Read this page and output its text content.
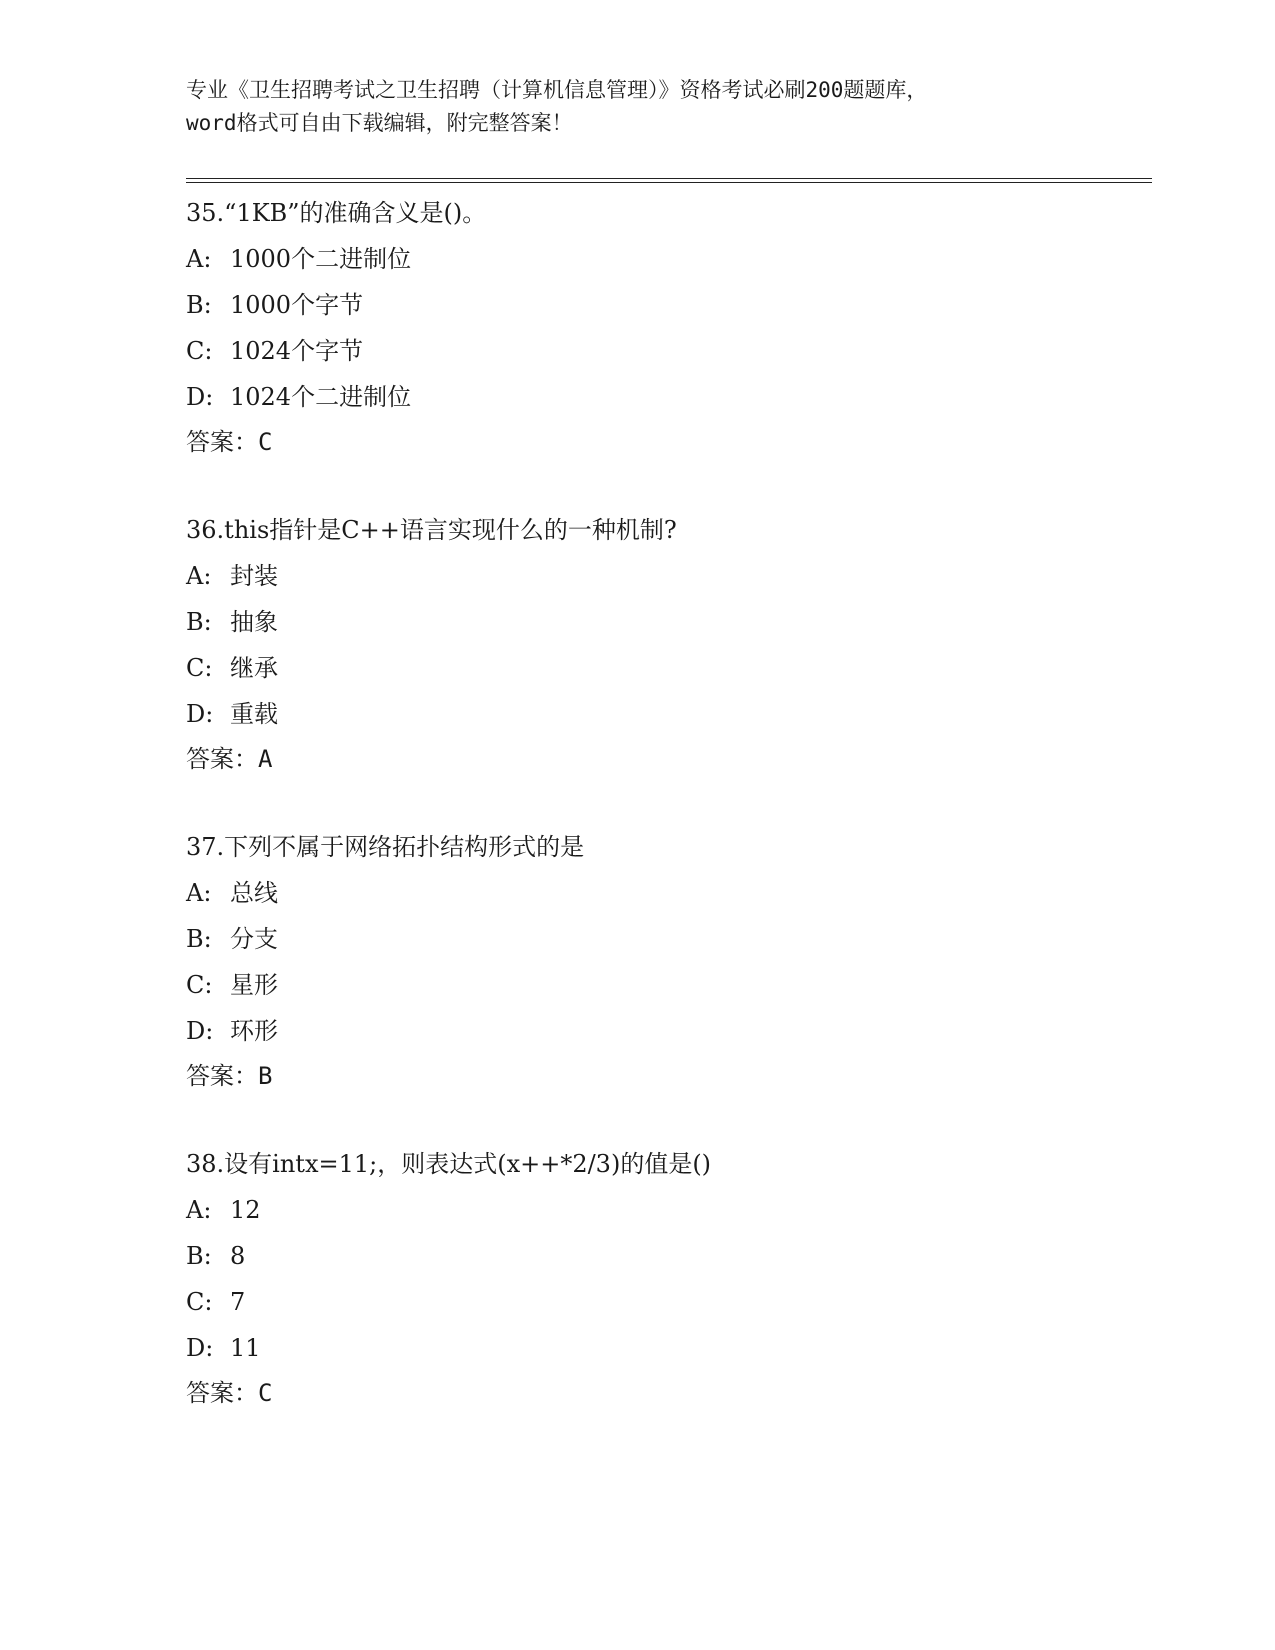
专业《卫生招聘考试之卫生招聘（计算机信息管理）》资格考试必刷200题题库，
word格式可自由下载编辑，附完整答案！
35.“1KB”的准确含义是()。
A: 1000个二进制位
B: 1000个字节
C: 1024个字节
D: 1024个二进制位
答案：C
36.this指针是C++语言实现什么的一种机制?
A: 封装
B: 抽象
C: 继承
D: 重载
答案：A
37.下列不属于网络拓扑结构形式的是
A: 总线
B: 分支
C: 星形
D: 环形
答案：B
38.设有intx=11;，则表达式(x++*2/3)的值是()
A: 12
B: 8
C: 7
D: 11
答案：C
